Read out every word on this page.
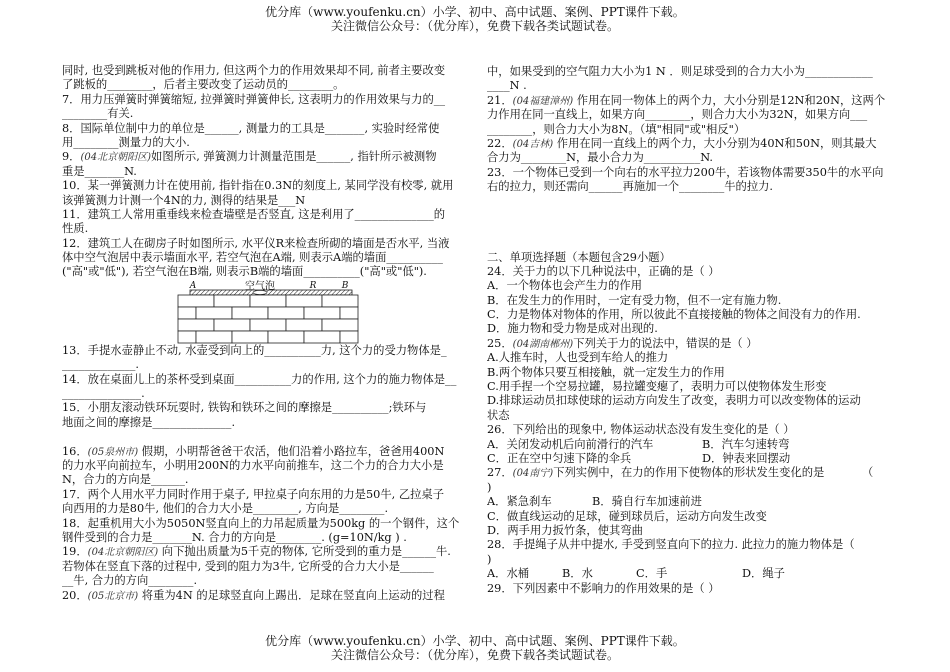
优分库（www.youfenku.cn）小学、初中、高中试题、案例、PPT课件下载。
关注微信公众号：（优分库），免费下载各类试题试卷。
同时, 也受到跳板对他的作用力, 但这两个力的作用效果却不同, 前者主要改变
了跳板的________，后者主要改变了运动员的________。
7．用力压弹簧时弹簧缩短, 拉弹簧时弹簧伸长, 这表明力的作用效果与力的__
________有关.
8．国际单位制中力的单位是______, 测量力的工具是_______, 实验时经常使
用________测量力的大小.
9．(04北京朝阳区)如图所示, 弹簧测力计测量范围是______, 指针所示被测物
重是_______N.
10．某一弹簧测力计在使用前, 指针指在0.3N的刻度上, 某同学没有校零, 就用
该弹簧测力计测一个4N的力, 测得的结果是___N
11．建筑工人常用重垂线来检查墙壁是否竖直, 这是利用了______________的
性质.
12．建筑工人在砌房子时如图所示, 水平仪R来检查所砌的墙面是否水平, 当液
体中空气泡居中表示墙面水平, 若空气泡在A端, 则表示A端的墙面__________
("高"或"低"), 若空气泡在B端, 则表示B端的墙面__________("高"或"低").
空气泡
A	R	B
13．手提水壶静止不动, 水壶受到向上的__________力, 这个力的受力物体是_
_____________.
14．放在桌面儿上的茶杯受到桌面__________力的作用, 这个力的施力物体是__
______________.
15．小朋友滚动铁环玩耍时, 铁钩和铁环之间的摩擦是__________;铁环与
地面之间的摩擦是______________.
16．(05泉州市) 假期，小明帮爸爸干农活，他们沿着小路拉车，爸爸用400N
的力水平向前拉车，小明用200N的力水平向前推车，这二个力的合力大小是
N，合力的方向是______.
17．两个人用水平力同时作用于桌子, 甲拉桌子向东用的力是50牛, 乙拉桌子
向西用的力是80牛, 他们的合力大小是________, 方向是________.
18．起重机用大小为5050N竖直向上的力吊起质量为500kg 的一个钢件，这个
钢件受到的合力是_______N. 合力的方向是________. (g=10N/kg ) .
19．(04北京朝阳区) 向下抛出质量为5千克的物体, 它所受到的重力是______牛.
若物体在竖直下落的过程中, 受到的阻力为3牛, 它所受的合力大小是______
__牛, 合力的方向________.
20．(05北京市) 将重为4N 的足球竖直向上踢出．足球在竖直向上运动的过程
中，如果受到的空气阻力大小为1 N ．则足球受到的合力大小为____________
____N .
21．(04福建漳州) 作用在同一物体上的两个力，大小分别是12N和20N，这两个
力作用在同一直线上，如果方向________，则合力大小为32N，如果方向___
________，则合力大小为8N。（填"相同"或"相反"）
22．(04吉林) 作用在同一直线上的两个力，大小分别为40N和50N，则其最大
合力为________N，最小合力为__________N.
23．一个物体已受到一个向右的水平拉力200牛，若该物体需要350牛的水平向
右的拉力，则还需向______再施加一个________牛的拉力.
二、单项选择题（本题包含29小题）
24．关于力的以下几种说法中，正确的是（ ）
A．一个物体也会产生力的作用
B．在发生力的作用时，一定有受力物，但不一定有施力物.
C．力是物体对物体的作用，所以彼此不直接接触的物体之间没有力的作用.
D．施力物和受力物是成对出现的.
25．(04湖南郴州)下列关于力的说法中，错误的是（ ）
A.人推车时，人也受到车给人的推力
B.两个物体只要互相接触，就一定发生力的作用
C.用手捏一个空易拉罐，易拉罐变瘪了，表明力可以使物体发生形变
D.排球运动员扣球使球的运动方向发生了改变，表明力可以改变物体的运动
状态
26．下列给出的现象中, 物体运动状态没有发生变化的是（ ）
A．关闭发动机后向前滑行的汽车	B．汽车匀速转弯
C．正在空中匀速下降的伞兵	D．钟表来回摆动
27．(04南宁)下列实例中，在力的作用下使物体的形状发生变化的是	（
)
A．紧急刹车	B．骑自行车加速前进
C．做直线运动的足球，碰到球员后，运动方向发生改变
D．两手用力扳竹条，使其弯曲
28．手提绳子从井中提水, 手受到竖直向下的拉力. 此拉力的施力物体是（
)
A．水桶	B．水	C．手	D．绳子
29．下列因素中不影响力的作用效果的是（ ）
优分库（www.youfenku.cn）小学、初中、高中试题、案例、PPT课件下载。
关注微信公众号：（优分库），免费下载各类试题试卷。
